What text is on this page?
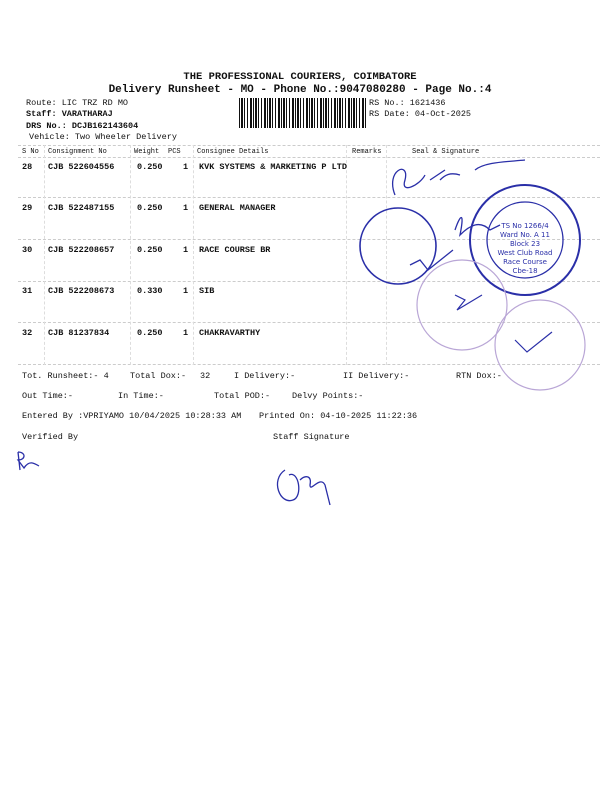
THE PROFESSIONAL COURIERS, COIMBATORE
Delivery Runsheet - MO - Phone No.:9047080280 - Page No.:4
Route: LIC TRZ RD MO
Staff: VARATHARAJ
DRS No.: DCJB162143604
Vehicle: Two Wheeler Delivery
RS No.: 1621436
RS Date: 04-Oct-2025
S No Consignment No	Weight PCS Consignee Details	Remarks	Seal & Signature
28 CJB 522604556	0.250 1 KVK SYSTEMS & MARKETING P LTD
29 CJB 522487155	0.250 1 GENERAL MANAGER
30 CJB 522208657	0.250 1 RACE COURSE BR
31 CJB 522208673	0.330 1 SIB
32 CJB 81237834	0.250 1 CHAKRAVARTHY
Tot. Runsheet:- 4	Total Dox:- 32	I Delivery:-	II Delivery:-	RTN Dox:-
Out Time:-	In Time:-	Total POD:-	Delvy Points:-
Entered By :VPRIYAMO 10/04/2025 10:28:33 AM Printed On: 04-10-2025 11:22:36
Verified By	Staff Signature
TS No 1266/4
Ward No. A 11
Block 23
West Club Road
Race Course
Cbe-18
